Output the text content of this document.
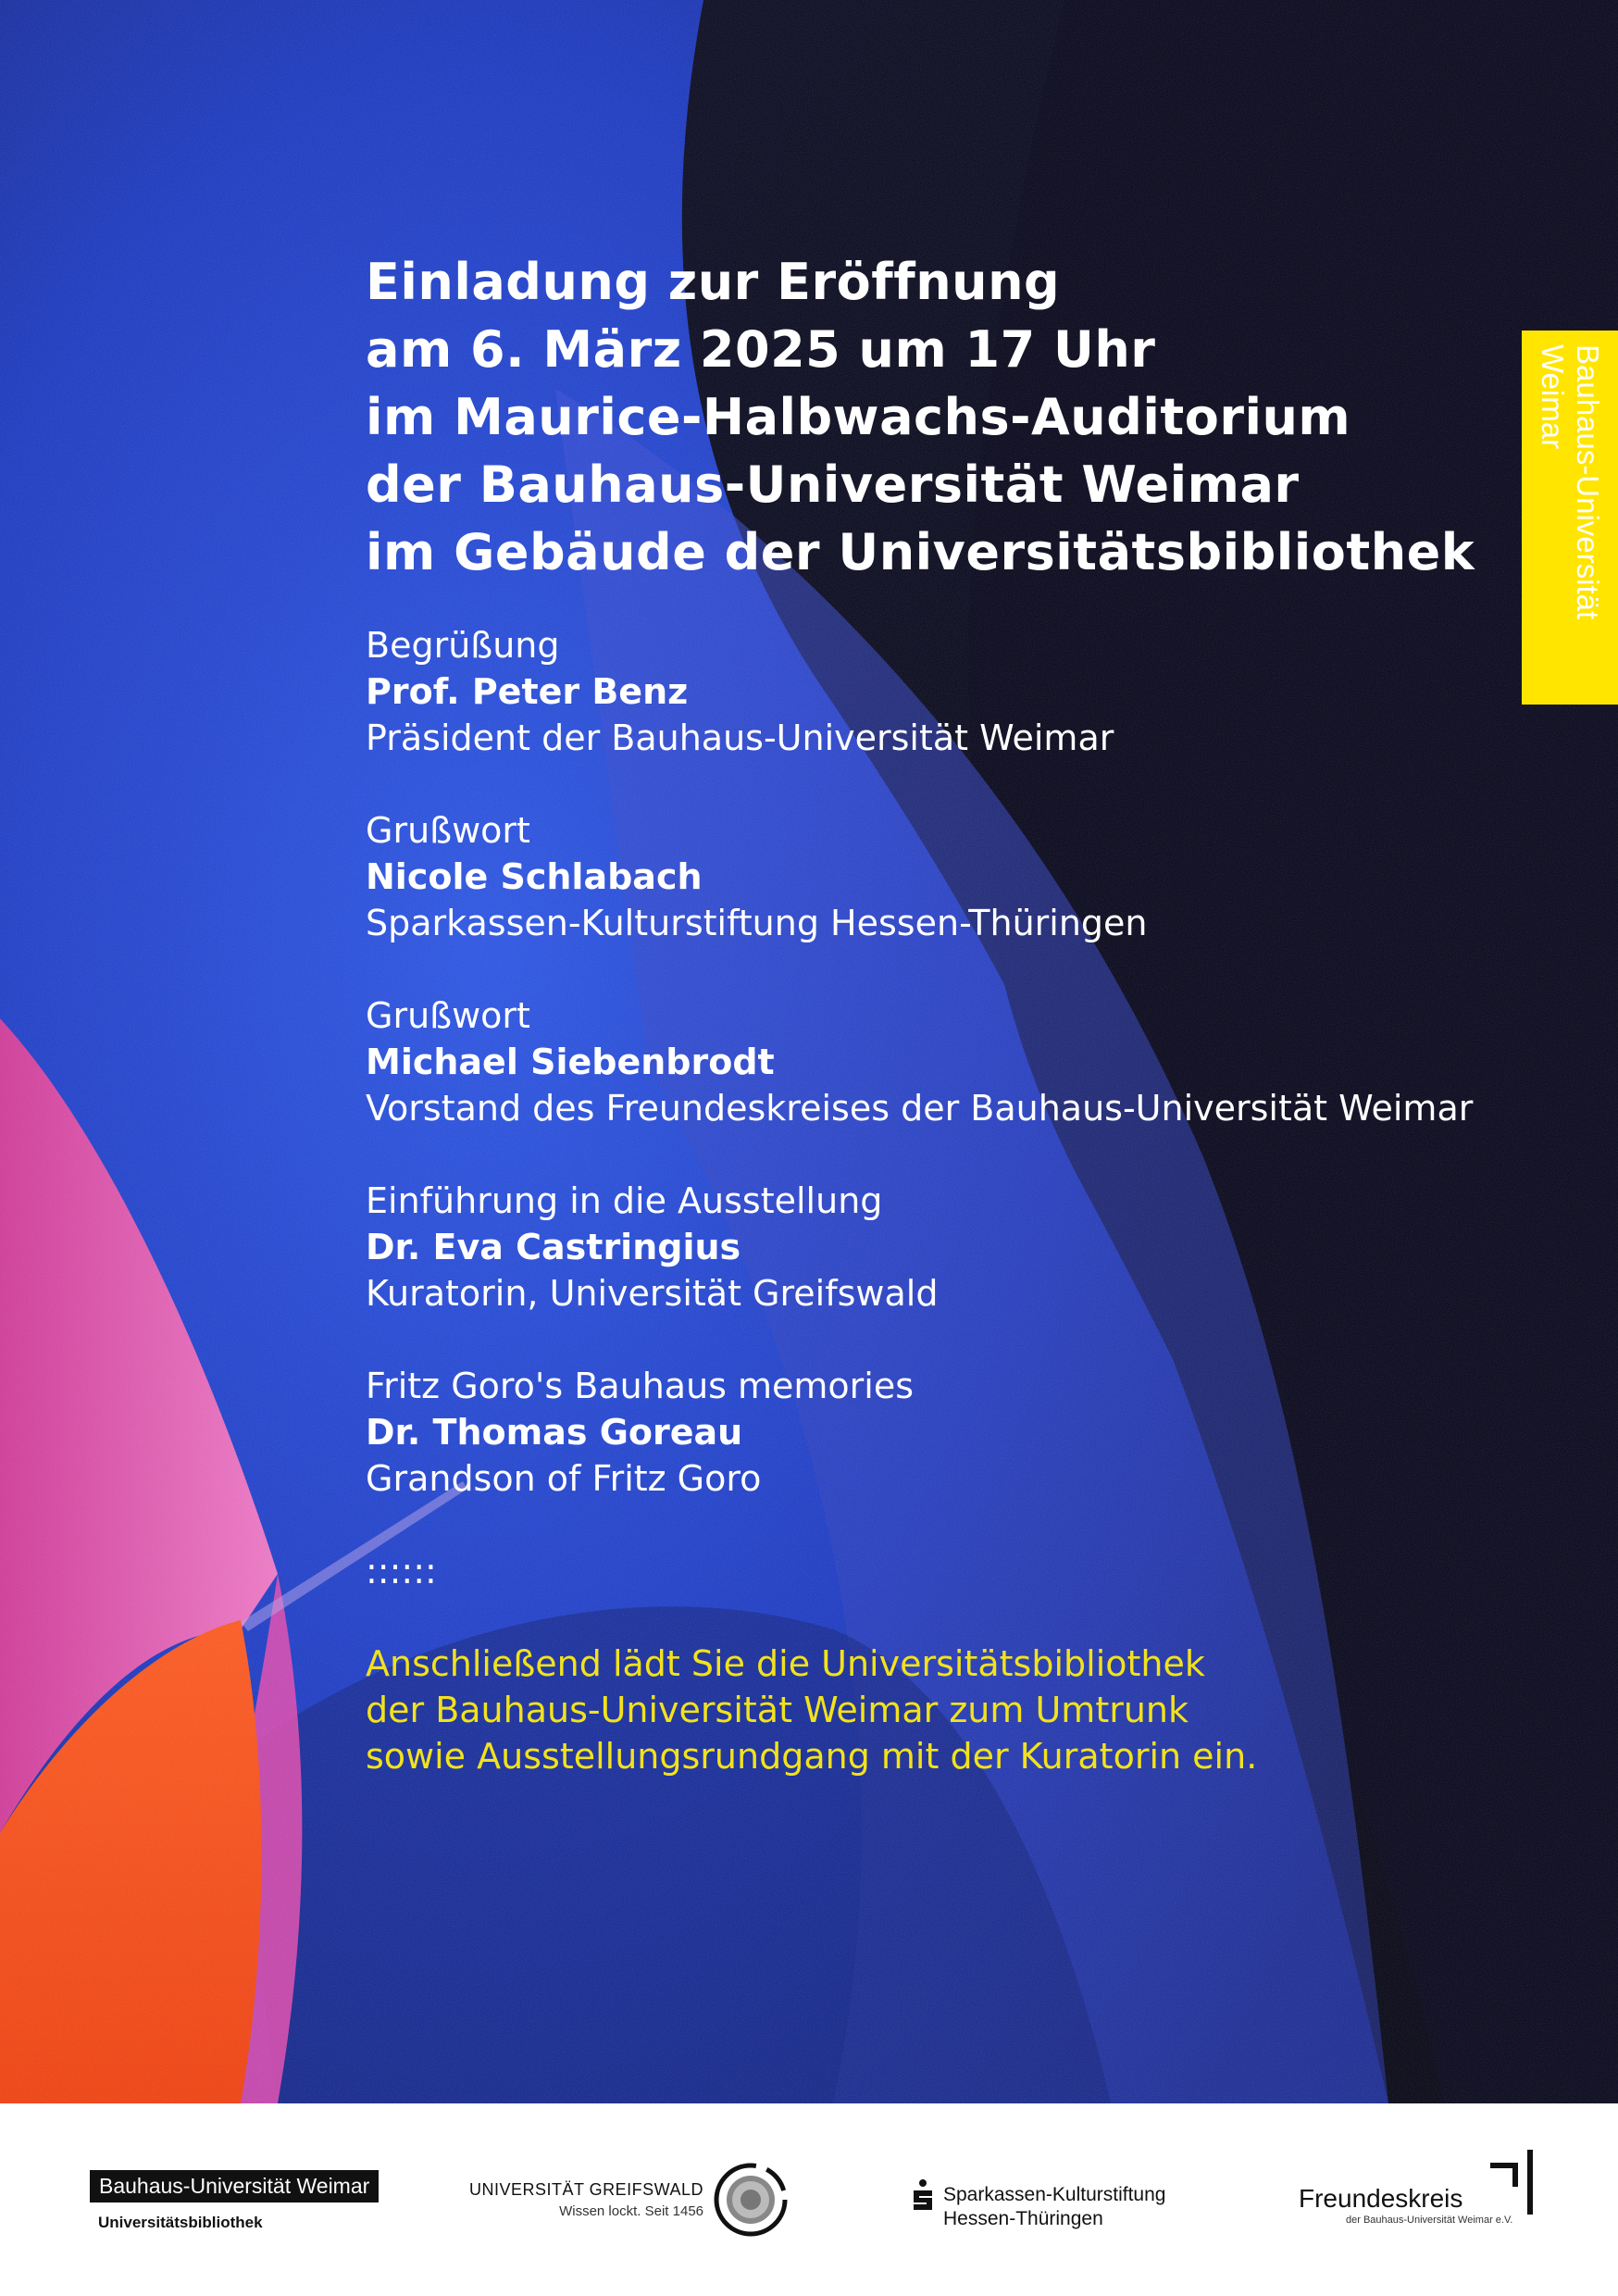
Einladung zur Eröffnung
am 6. März 2025 um 17 Uhr
im Maurice-Halbwachs-Auditorium
der Bauhaus-Universität Weimar
im Gebäude der Universitätsbibliothek
Begrüßung
Prof. Peter Benz
Präsident der Bauhaus-Universität Weimar
Grußwort
Nicole Schlabach
Sparkassen-Kulturstiftung Hessen-Thüringen
Grußwort
Michael Siebenbrodt
Vorstand des Freundeskreises der Bauhaus-Universität Weimar
Einführung in die Ausstellung
Dr. Eva Castringius
Kuratorin, Universität Greifswald
Fritz Goro's Bauhaus memories
Dr. Thomas Goreau
Grandson of Fritz Goro
::::::
Anschließend lädt Sie die Universitätsbibliothek
der Bauhaus-Universität Weimar zum Umtrunk
sowie Ausstellungsrundgang mit der Kuratorin ein.
Bauhaus-Universität
Weimar
Bauhaus-Universität Weimar
Universitätsbibliothek
UNIVERSITÄT GREIFSWALD
Wissen lockt. Seit 1456
Sparkassen-Kulturstiftung
Hessen-Thüringen
Freundeskreis
der Bauhaus-Universität Weimar e.V.
